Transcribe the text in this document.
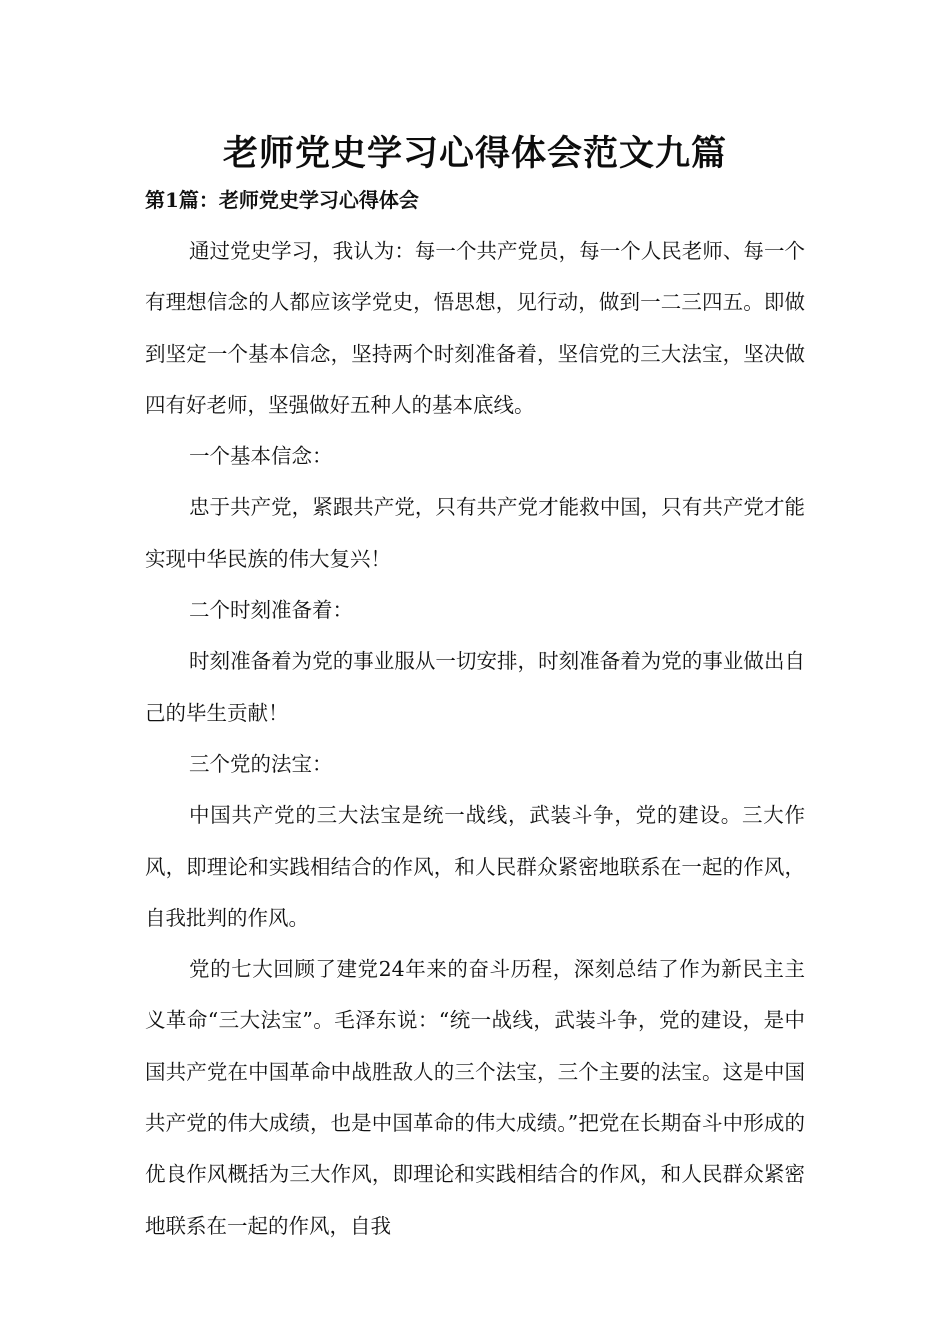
老师党史学习心得体会范文九篇
第1篇：老师党史学习心得体会

通过党史学习，我认为：每一个共产党员，每一个人民老师、每一个有理想信念的人都应该学党史，悟思想，见行动，做到一二三四五。即做到坚定一个基本信念，坚持两个时刻准备着，坚信党的三大法宝，坚决做四有好老师，坚强做好五种人的基本底线。

一个基本信念：

忠于共产党，紧跟共产党，只有共产党才能救中国，只有共产党才能实现中华民族的伟大复兴！

二个时刻准备着：

时刻准备着为党的事业服从一切安排，时刻准备着为党的事业做出自己的毕生贡献！

三个党的法宝：

中国共产党的三大法宝是统一战线，武装斗争，党的建设。三大作风，即理论和实践相结合的作风，和人民群众紧密地联系在一起的作风，自我批判的作风。

党的七大回顾了建党24年来的奋斗历程，深刻总结了作为新民主主义革命“三大法宝”。毛泽东说：“统一战线，武装斗争，党的建设，是中国共产党在中国革命中战胜敌人的三个法宝，三个主要的法宝。这是中国共产党的伟大成绩，也是中国革命的伟大成绩。”把党在长期奋斗中形成的优良作风概括为三大作风，即理论和实践相结合的作风，和人民群众紧密地联系在一起的作风，自我
